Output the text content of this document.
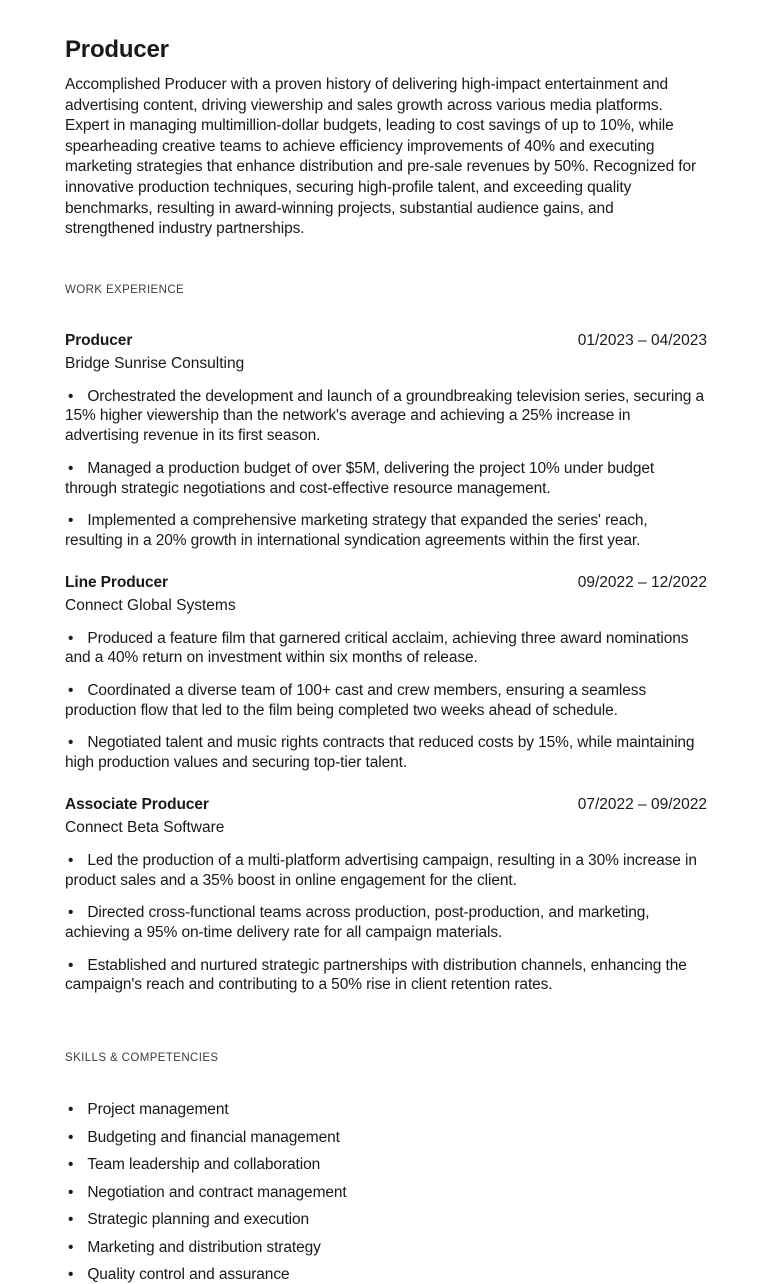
Producer

Accomplished Producer with a proven history of delivering high-impact entertainment and advertising content, driving viewership and sales growth across various media platforms. Expert in managing multimillion-dollar budgets, leading to cost savings of up to 10%, while spearheading creative teams to achieve efficiency improvements of 40% and executing marketing strategies that enhance distribution and pre-sale revenues by 50%. Recognized for innovative production techniques, securing high-profile talent, and exceeding quality benchmarks, resulting in award-winning projects, substantial audience gains, and strengthened industry partnerships.

WORK EXPERIENCE
Producer	01/2023 – 04/2023
Bridge Sunrise Consulting

• Orchestrated the development and launch of a groundbreaking television series, securing a 15% higher viewership than the network's average and achieving a 25% increase in advertising revenue in its first season.

• Managed a production budget of over $5M, delivering the project 10% under budget through strategic negotiations and cost-effective resource management.

• Implemented a comprehensive marketing strategy that expanded the series' reach, resulting in a 20% growth in international syndication agreements within the first year.

Line Producer	09/2022 – 12/2022
Connect Global Systems

• Produced a feature film that garnered critical acclaim, achieving three award nominations and a 40% return on investment within six months of release.

• Coordinated a diverse team of 100+ cast and crew members, ensuring a seamless production flow that led to the film being completed two weeks ahead of schedule.

• Negotiated talent and music rights contracts that reduced costs by 15%, while maintaining high production values and securing top-tier talent.

Associate Producer	07/2022 – 09/2022
Connect Beta Software

• Led the production of a multi-platform advertising campaign, resulting in a 30% increase in product sales and a 35% boost in online engagement for the client.

• Directed cross-functional teams across production, post-production, and marketing, achieving a 95% on-time delivery rate for all campaign materials.

• Established and nurtured strategic partnerships with distribution channels, enhancing the campaign's reach and contributing to a 50% rise in client retention rates.

SKILLS & COMPETENCIES
• Project management
• Budgeting and financial management
• Team leadership and collaboration
• Negotiation and contract management
• Strategic planning and execution
• Marketing and distribution strategy
• Quality control and assurance
